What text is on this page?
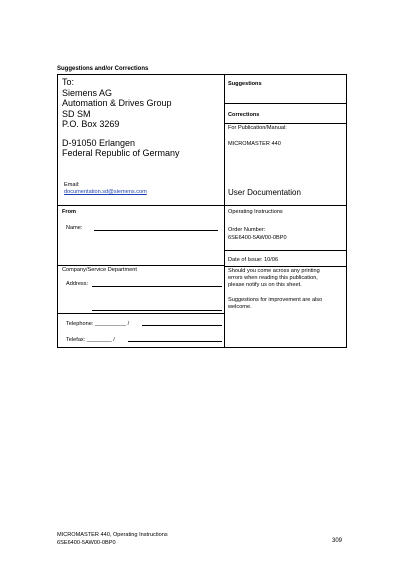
Suggestions and/or Corrections
To:
Siemens AG
Automation & Drives Group
SD SM
P.O. Box 3269
D-91050 Erlangen
Federal Republic of Germany
Email:
documentation.sd@siemens.com
From
Name:
Company/Service Department
Address:
Telephone: __________ /
Telefax: ________ /
Suggestions
Corrections
For Publication/Manual:
MICROMASTER 440
User Documentation
Operating Instructions
Order Number:
6SE6400-5AW00-0BP0
Date of Issue: 10/06
Should you come across any printing
errors when reading this publication,
please notify us on this sheet.
Suggestions for improvement are also
welcome.
MICROMASTER 440, Operating Instructions
6SE6400-5AW00-0BP0	309
